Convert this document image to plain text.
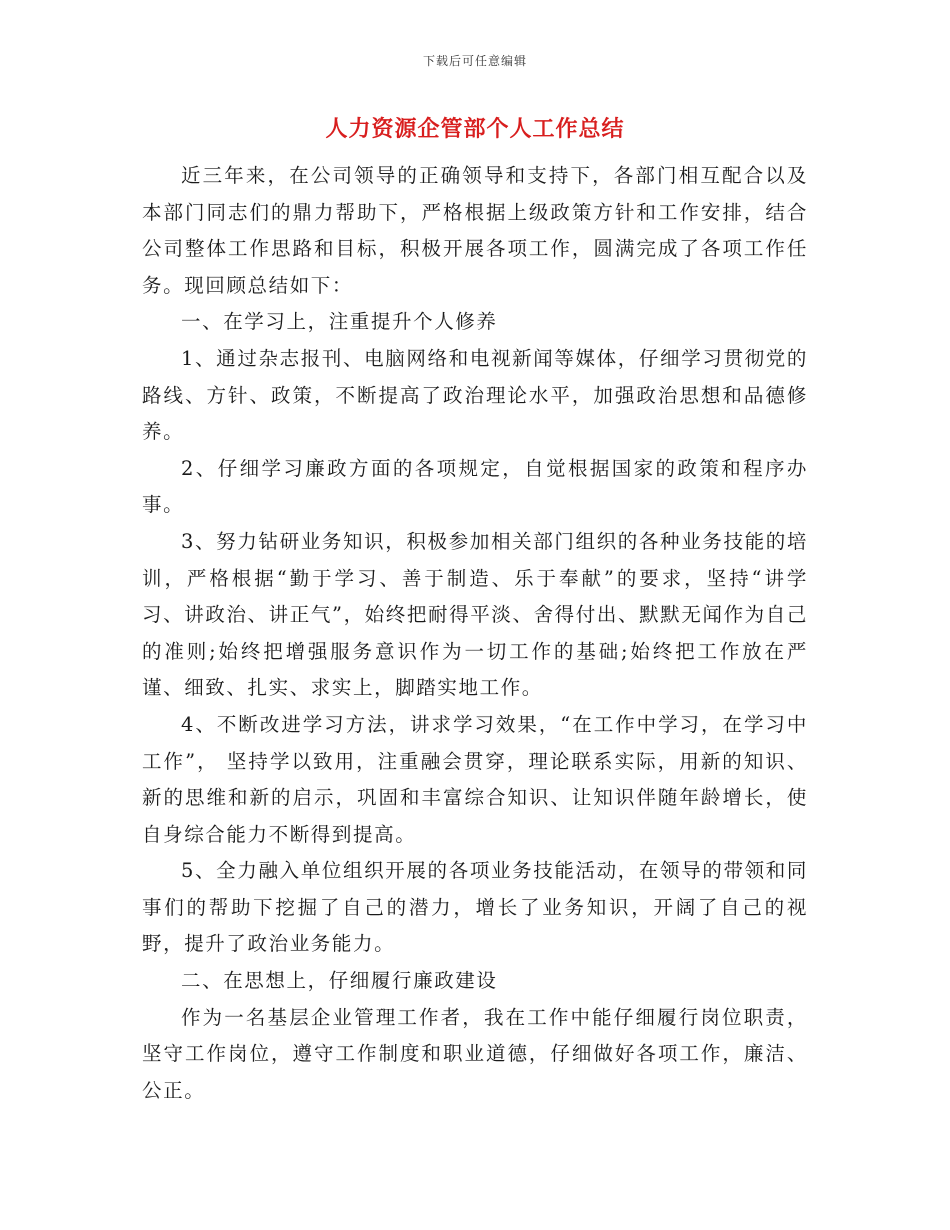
下载后可任意编辑
人力资源企管部个人工作总结

近三年来，在公司领导的正确领导和支持下，各部门相互配合以及本部门同志们的鼎力帮助下，严格根据上级政策方针和工作安排，结合公司整体工作思路和目标，积极开展各项工作，圆满完成了各项工作任务。现回顾总结如下：

一、在学习上，注重提升个人修养

1、通过杂志报刊、电脑网络和电视新闻等媒体，仔细学习贯彻党的路线、方针、政策，不断提高了政治理论水平，加强政治思想和品德修养。

2、仔细学习廉政方面的各项规定，自觉根据国家的政策和程序办事。

3、努力钻研业务知识，积极参加相关部门组织的各种业务技能的培训，严格根据“勤于学习、善于制造、乐于奉献”的要求，坚持“讲学习、讲政治、讲正气”，始终把耐得平淡、舍得付出、默默无闻作为自己的准则;始终把增强服务意识作为一切工作的基础;始终把工作放在严谨、细致、扎实、求实上，脚踏实地工作。

4、不断改进学习方法，讲求学习效果，“在工作中学习，在学习中工作”， 坚持学以致用，注重融会贯穿，理论联系实际，用新的知识、新的思维和新的启示，巩固和丰富综合知识、让知识伴随年龄增长，使自身综合能力不断得到提高。

5、全力融入单位组织开展的各项业务技能活动，在领导的带领和同事们的帮助下挖掘了自己的潜力，增长了业务知识，开阔了自己的视野，提升了政治业务能力。

二、在思想上，仔细履行廉政建设

作为一名基层企业管理工作者，我在工作中能仔细履行岗位职责，坚守工作岗位，遵守工作制度和职业道德，仔细做好各项工作，廉洁、公正。
